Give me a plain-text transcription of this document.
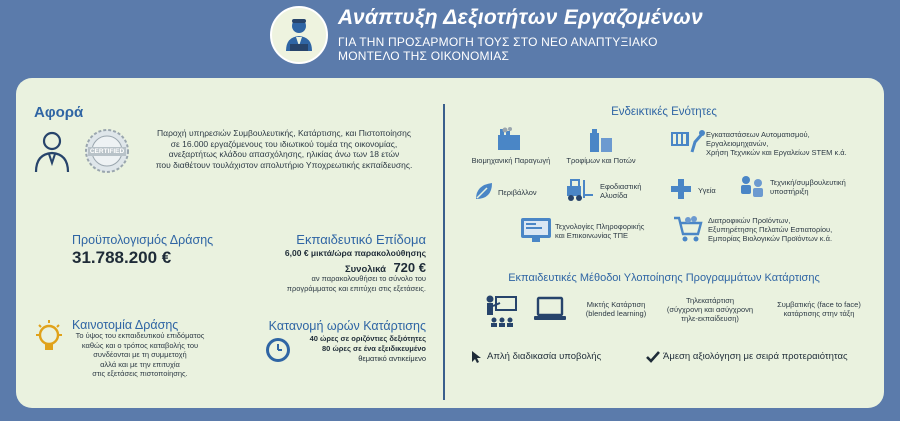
Ανάπτυξη Δεξιοτήτων Εργαζομένων
ΓΙΑ ΤΗΝ ΠΡΟΣΑΡΜΟΓΗ ΤΟΥΣ ΣΤΟ ΝΕΟ ΑΝΑΠΤΥΞΙΑΚΟ
ΜΟΝΤΕΛΟ ΤΗΣ ΟΙΚΟΝΟΜΙΑΣ
Αφορά
CERTIFIED
Παροχή υπηρεσιών Συμβουλευτικής, Κατάρτισης, και Πιστοποίησης
σε 16.000 εργαζόμενους του ιδιωτικού τομέα της οικονομίας,
ανεξαρτήτως κλάδου απασχόλησης, ηλικίας άνω των 18 ετών
που διαθέτουν τουλάχιστον απολυτήριο Υποχρεωτικής εκπαίδευσης.
Προϋπολογισμός Δράσης
31.788.200 €
Εκπαιδευτικό Επίδομα
6,00 € μικτά/ώρα παρακολούθησης
Συνολικά 720 €
αν παρακολουθήσει το σύνολο του
προγράμματος και επιτύχει στις εξετάσεις.
Καινοτομία Δράσης
Το ύψος του εκπαιδευτικού επιδόματος
καθώς και ο τρόπος καταβολής του
συνδέονται με τη συμμετοχή
αλλά και με την επιτυχία
στις εξετάσεις πιστοποίησης.
Κατανομή ωρών Κατάρτισης
40 ώρες σε οριζόντιες δεξιότητες
80 ώρες σε ένα εξειδικευμένο
θεματικό αντικείμενο
Ενδεικτικές Ενότητες
Βιομηχανική Παραγωγή	Τροφίμων και Ποτών
Εγκαταστάσεων Αυτοματισμού,
Εργαλειομηχανών,
Χρήση Τεχνικών και Εργαλείων STEM κ.ά.
Περιβάλλον
Εφοδιαστική
Αλυσίδα
Υγεία
Τεχνική/συμβουλευτική
υποστήριξη
Τεχνολογίες Πληροφορικής
και Επικοινωνίας ΤΠΕ
Διατροφικών Προϊόντων,
Εξυπηρέτησης Πελατών Εστιατορίου,
Εμπορίας Βιολογικών Προϊόντων κ.ά.
Εκπαιδευτικές Μέθοδοι Υλοποίησης Προγραμμάτων Κατάρτισης
Μικτής Κατάρτιση
(blended learning)
Τηλεκατάρτιση
(σύγχρονη και ασύγχρονη
τηλε-εκπαίδευση)
Συμβατικής (face to face)
κατάρτισης στην τάξη
Απλή διαδικασία υποβολής	Άμεση αξιολόγηση με σειρά προτεραιότητας
